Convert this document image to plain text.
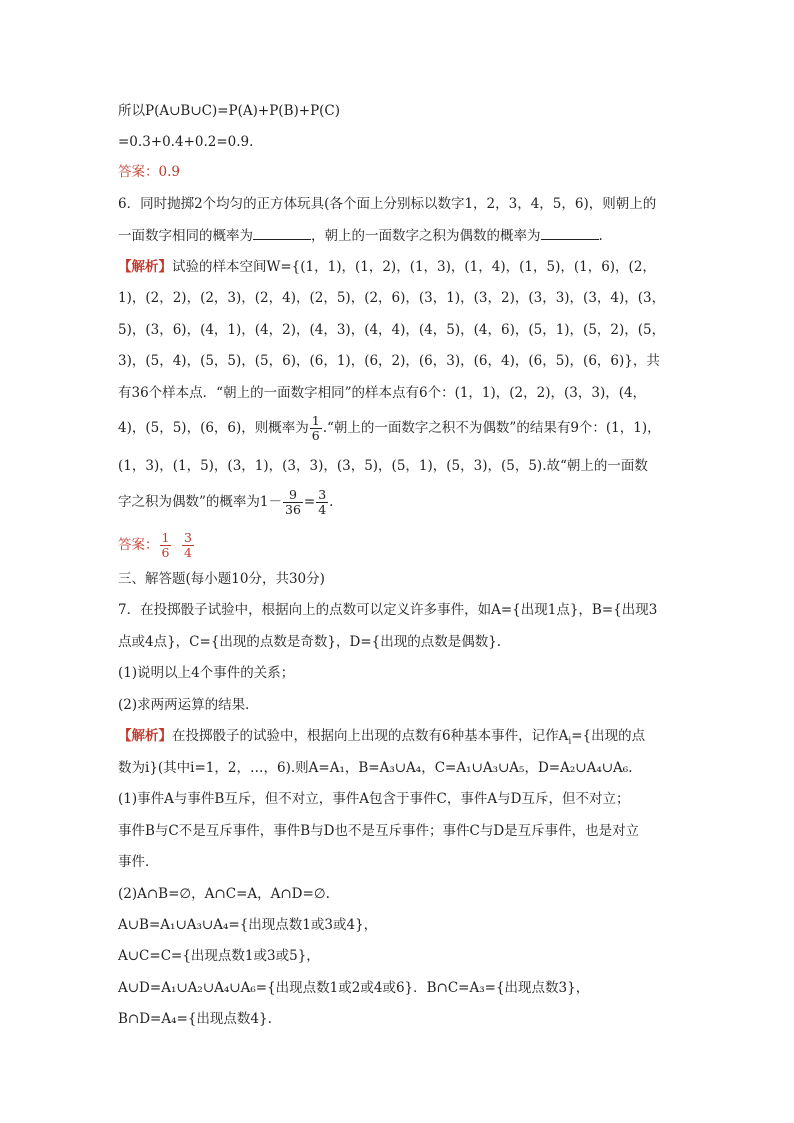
所以P(A∪B∪C)=P(A)+P(B)+P(C)
=0.3+0.4+0.2=0.9.
答案：0.9
6．同时抛掷2个均匀的正方体玩具(各个面上分别标以数字1，2，3，4，5，6)，则朝上的
一面数字相同的概率为	，朝上的一面数字之积为偶数的概率为	.
【解析】试验的样本空间W={(1，1)，(1，2)，(1，3)，(1，4)，(1，5)，(1，6)，(2，
1)，(2，2)，(2，3)，(2，4)，(2，5)，(2，6)，(3，1)，(3，2)，(3，3)，(3，4)，(3，
5)，(3，6)，(4，1)，(4，2)，(4，3)，(4，4)，(4，5)，(4，6)，(5，1)，(5，2)，(5，
3)，(5，4)，(5，5)，(5，6)，(6，1)，(6，2)，(6，3)，(6，4)，(6，5)，(6，6)}，共
有36个样本点．“朝上的一面数字相同”的样本点有6个：(1，1)，(2，2)，(3，3)，(4，
4)，(5，5)，(6，6)，则概率为 $\frac{1}{6}$ .“朝上的一面数字之积不为偶数”的结果有9个：(1，1)，
(1，3)，(1，5)，(3，1)，(3，3)，(3，5)，(5，1)，(5，3)，(5，5).故“朝上的一面数
字之积为偶数”的概率为$1- \frac{9}{36} = \frac{3}{4}$ .
答案： $\frac{1}{6}$
$\frac{3}{4}$
三、解答题(每小题10分，共30分)
7．在投掷骰子试验中，根据向上的点数可以定义许多事件，如A={出现1点}，B={出现3
点或4点}，C={出现的点数是奇数}，D={出现的点数是偶数}.
(1)说明以上4个事件的关系；
(2)求两两运算的结果．
【解析】在投掷骰子的试验中，根据向上出现的点数有6种基本事件，记作$A_i=${出现的点
数为i}(其中i=1，2，…，6).则A=A₁，B=A₃∪A₄，C=A₁∪A₃∪A₅，D=A₂∪A₄∪A₆.
(1)事件A与事件B互斥，但不对立，事件A包含于事件C，事件A与D互斥，但不对立；
事件B与C不是互斥事件，事件B与D也不是互斥事件；事件C与D是互斥事件，也是对立
事件．
(2)A∩B=∅，A∩C=A，A∩D=∅.
A∪B=A₁∪A₃∪A₄={出现点数1或3或4}，
A∪C=C={出现点数1或3或5}，
A∪D=A₁∪A₂∪A₄∪A₆={出现点数1或2或4或6}．B∩C=A₃={出现点数3}，
B∩D=A₄={出现点数4}.
